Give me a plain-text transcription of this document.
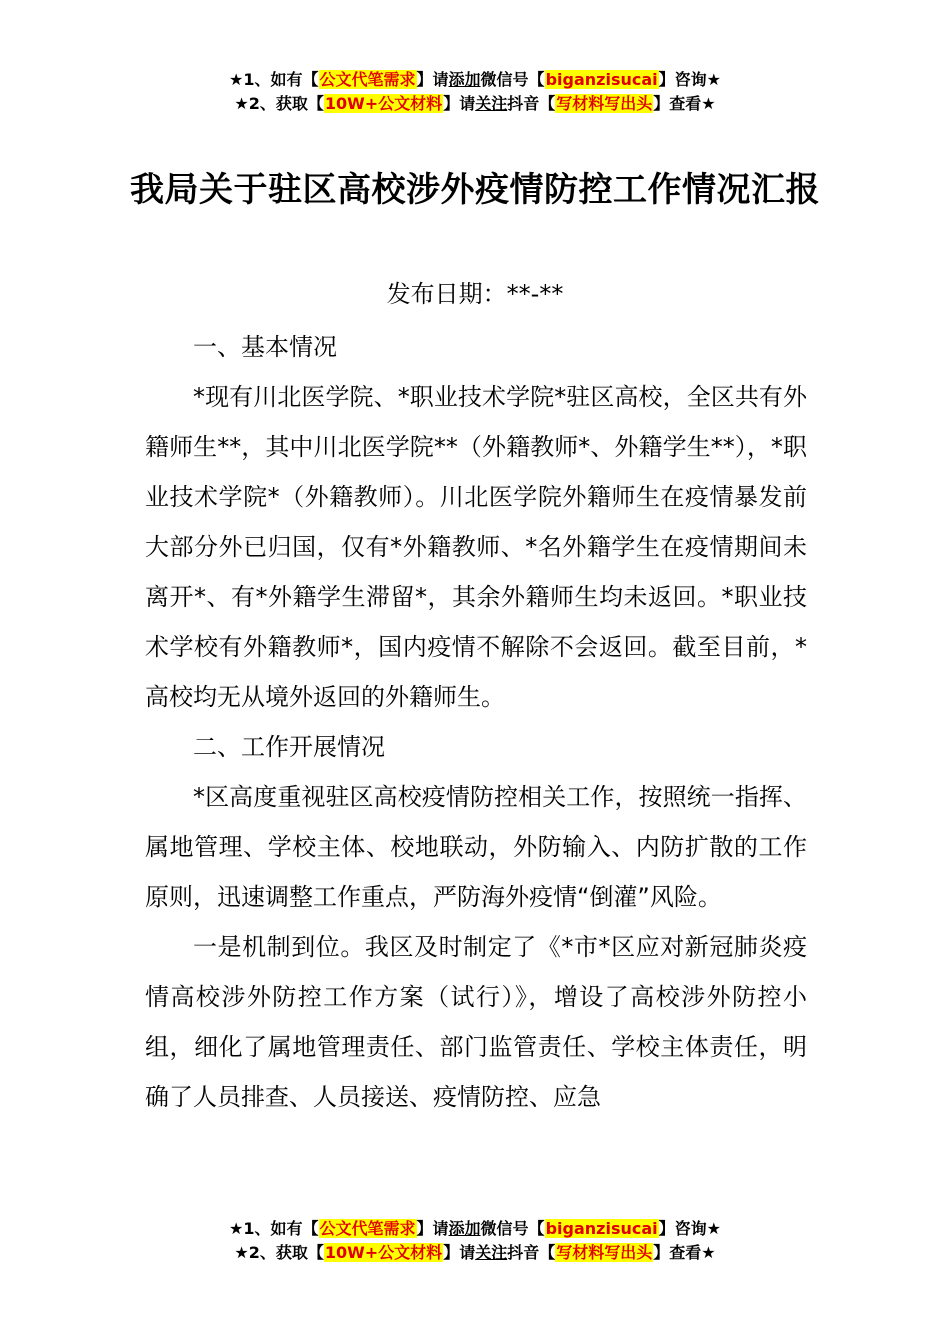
★1、如有【公文代笔需求】请添加微信号【biganzisucai】咨询★
★2、获取【10W+公文材料】请关注抖音【写材料写出头】查看★
我局关于驻区高校涉外疫情防控工作情况汇报
发布日期：**-**

一、基本情况

*现有川北医学院、*职业技术学院*驻区高校，全区共有外籍师生**，其中川北医学院**（外籍教师*、外籍学生**），*职业技术学院*（外籍教师）。川北医学院外籍师生在疫情暴发前大部分外已归国，仅有*外籍教师、*名外籍学生在疫情期间未离开*、有*外籍学生滞留*，其余外籍师生均未返回。*职业技术学校有外籍教师*，国内疫情不解除不会返回。截至目前，*高校均无从境外返回的外籍师生。

二、工作开展情况

*区高度重视驻区高校疫情防控相关工作，按照统一指挥、属地管理、学校主体、校地联动，外防输入、内防扩散的工作原则，迅速调整工作重点，严防海外疫情“倒灌”风险。

一是机制到位。我区及时制定了《*市*区应对新冠肺炎疫情高校涉外防控工作方案（试行）》，增设了高校涉外防控小组，细化了属地管理责任、部门监管责任、学校主体责任，明确了人员排查、人员接送、疫情防控、应急

★1、如有【公文代笔需求】请添加微信号【biganzisucai】咨询★
★2、获取【10W+公文材料】请关注抖音【写材料写出头】查看★
